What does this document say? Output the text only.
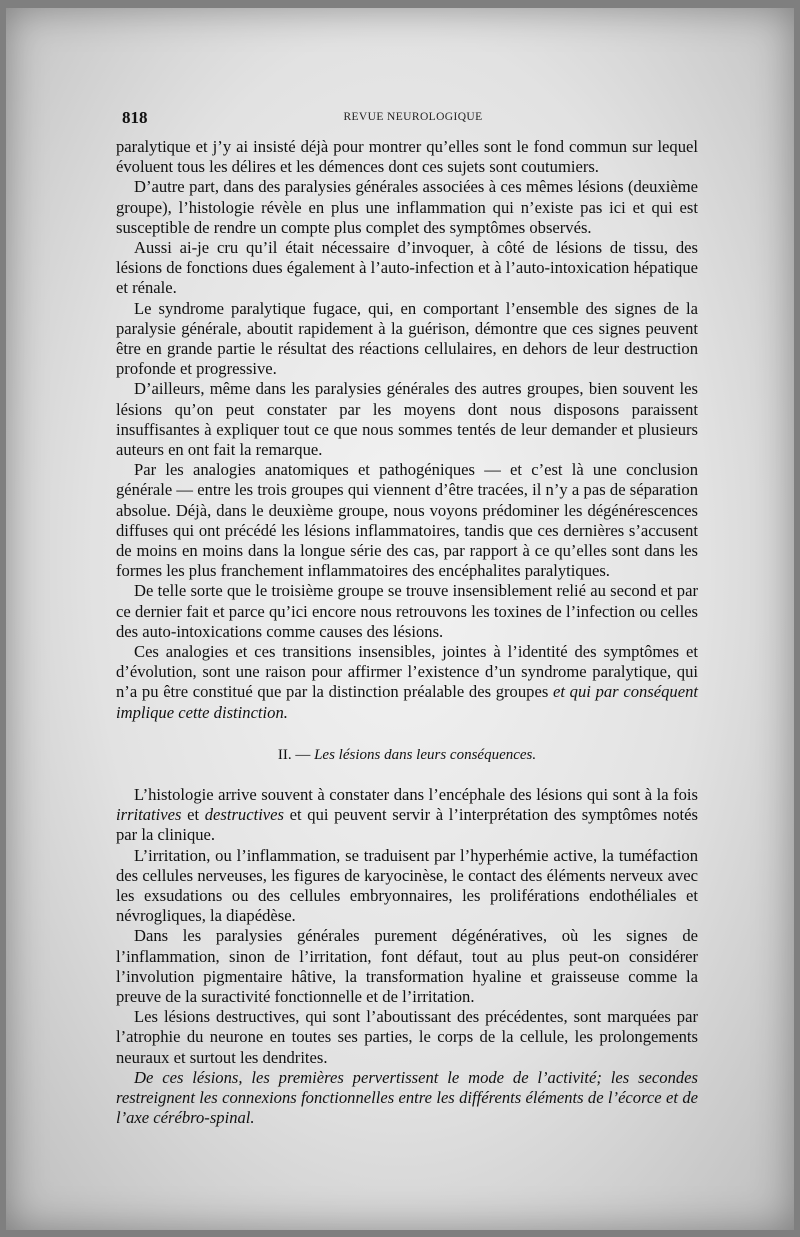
818	REVUE NEUROLOGIQUE

paralytique et j’y ai insisté déjà pour montrer qu’elles sont le fond commun sur lequel évoluent tous les délires et les démences dont ces sujets sont coutumiers.

D’autre part, dans des paralysies générales associées à ces mêmes lésions (deuxième groupe), l’histologie révèle en plus une inflammation qui n’existe pas ici et qui est susceptible de rendre un compte plus complet des symptômes observés.

Aussi ai-je cru qu’il était nécessaire d’invoquer, à côté de lésions de tissu, des lésions de fonctions dues également à l’auto-infection et à l’auto-intoxication hépatique et rénale.

Le syndrome paralytique fugace, qui, en comportant l’ensemble des signes de la paralysie générale, aboutit rapidement à la guérison, démontre que ces signes peuvent être en grande partie le résultat des réactions cellulaires, en dehors de leur destruction profonde et progressive.

D’ailleurs, même dans les paralysies générales des autres groupes, bien souvent les lésions qu’on peut constater par les moyens dont nous disposons paraissent insuffisantes à expliquer tout ce que nous sommes tentés de leur demander et plusieurs auteurs en ont fait la remarque.

Par les analogies anatomiques et pathogéniques — et c’est là une conclusion générale — entre les trois groupes qui viennent d’être tracées, il n’y a pas de séparation absolue. Déjà, dans le deuxième groupe, nous voyons prédominer les dégénérescences diffuses qui ont précédé les lésions inflammatoires, tandis que ces dernières s’accusent de moins en moins dans la longue série des cas, par rapport à ce qu’elles sont dans les formes les plus franchement inflammatoires des encéphalites paralytiques.

De telle sorte que le troisième groupe se trouve insensiblement relié au second et par ce dernier fait et parce qu’ici encore nous retrouvons les toxines de l’infection ou celles des auto-intoxications comme causes des lésions.

Ces analogies et ces transitions insensibles, jointes à l’identité des symptômes et d’évolution, sont une raison pour affirmer l’existence d’un syndrome paralytique, qui n’a pu être constitué que par la distinction préalable des groupes et qui par conséquent implique cette distinction.

II. — Les lésions dans leurs conséquences.

L’histologie arrive souvent à constater dans l’encéphale des lésions qui sont à la fois irritatives et destructives et qui peuvent servir à l’interprétation des symptômes notés par la clinique.

L’irritation, ou l’inflammation, se traduisent par l’hyperhémie active, la tuméfaction des cellules nerveuses, les figures de karyocinèse, le contact des éléments nerveux avec les exsudations ou des cellules embryonnaires, les proliférations endothéliales et névrogliques, la diapédèse.

Dans les paralysies générales purement dégénératives, où les signes de l’inflammation, sinon de l’irritation, font défaut, tout au plus peut-on considérer l’involution pigmentaire hâtive, la transformation hyaline et graisseuse comme la preuve de la suractivité fonctionnelle et de l’irritation.

Les lésions destructives, qui sont l’aboutissant des précédentes, sont marquées par l’atrophie du neurone en toutes ses parties, le corps de la cellule, les prolongements neuraux et surtout les dendrites.

De ces lésions, les premières pervertissent le mode de l’activité; les secondes restreignent les connexions fonctionnelles entre les différents éléments de l’écorce et de l’axe cérébro-spinal.
